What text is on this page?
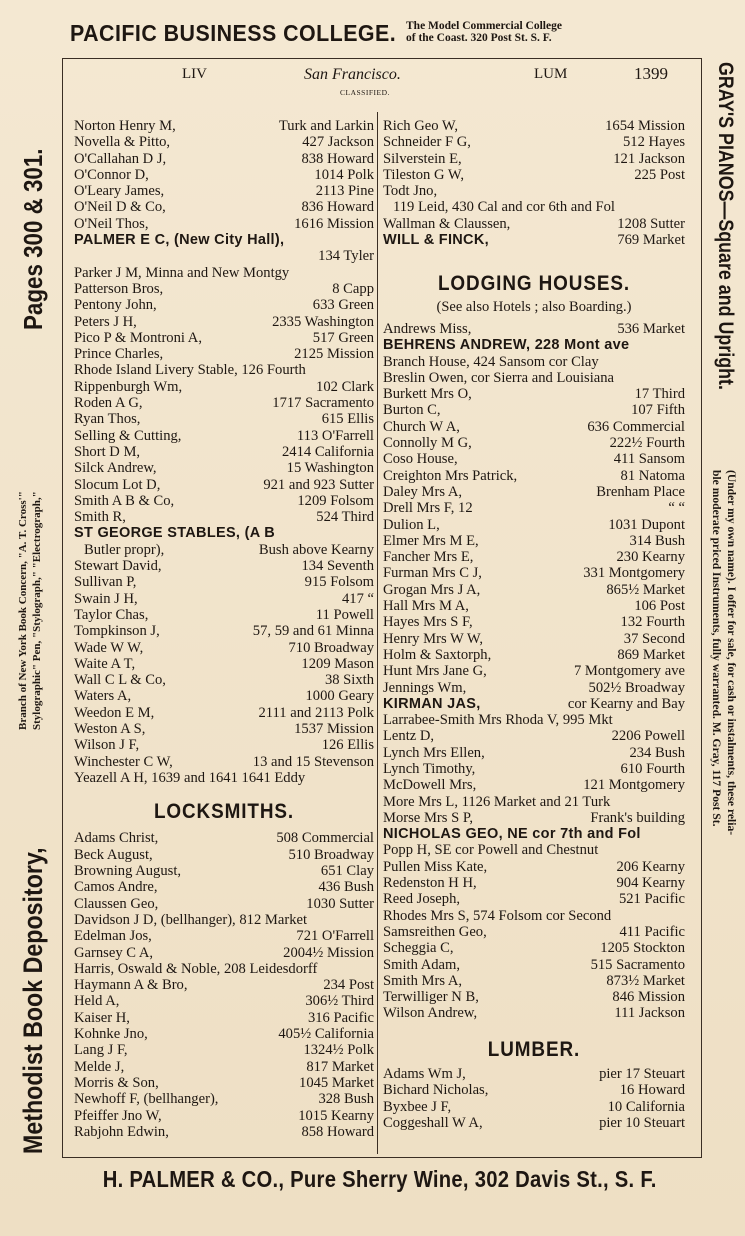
PACIFIC BUSINESS COLLEGE. The Model Commercial College
of the Coast. 320 Post St. S. F.
LIV	San Francisco.	LUM	1399
CLASSIFIED.
Norton Henry M,	Turk and Larkin
Novella & Pitto,	427 Jackson
O'Callahan D J,	838 Howard
O'Connor D,	1014 Polk
O'Leary James,	2113 Pine
O'Neil D & Co,	836 Howard
O'Neil Thos,	1616 Mission
PALMER E C, (New City Hall),
134 Tyler
Parker J M, Minna and New Montgy
Patterson Bros,	8 Capp
Pentony John,	633 Green
Peters J H,	2335 Washington
Pico P & Montroni A,	517 Green
Prince Charles,	2125 Mission
Rhode Island Livery Stable, 126 Fourth
Rippenburgh Wm,	102 Clark
Roden A G,	1717 Sacramento
Ryan Thos,	615 Ellis
Selling & Cutting,	113 O'Farrell
Short D M,	2414 California
Silck Andrew,	15 Washington
Slocum Lot D,	921 and 923 Sutter
Smith A B & Co,	1209 Folsom
Smith R,	524 Third
ST GEORGE STABLES, (A B
Butler propr),	Bush above Kearny
Stewart David,	134 Seventh
Sullivan P,	915 Folsom
Swain J H,	417 “
Taylor Chas,	11 Powell
Tompkinson J,	57, 59 and 61 Minna
Wade W W,	710 Broadway
Waite A T,	1209 Mason
Wall C L & Co,	38 Sixth
Waters A,	1000 Geary
Weedon E M,	2111 and 2113 Polk
Weston A S,	1537 Mission
Wilson J F,	126 Ellis
Winchester C W,	13 and 15 Stevenson
Yeazell A H, 1639 and 1641 1641 Eddy
LOCKSMITHS.
Adams Christ,	508 Commercial
Beck August,	510 Broadway
Browning August,	651 Clay
Camos Andre,	436 Bush
Claussen Geo,	1030 Sutter
Davidson J D, (bellhanger), 812 Market
Edelman Jos,	721 O'Farrell
Garnsey C A,	2004½ Mission
Harris, Oswald & Noble, 208 Leidesdorff
Haymann A & Bro,	234 Post
Held A,	306½ Third
Kaiser H,	316 Pacific
Kohnke Jno,	405½ California
Lang J F,	1324½ Polk
Melde J,	817 Market
Morris & Son,	1045 Market
Newhoff F, (bellhanger),	328 Bush
Pfeiffer Jno W,	1015 Kearny
Rabjohn Edwin,	858 Howard
Rich Geo W,	1654 Mission
Schneider F G,	512 Hayes
Silverstein E,	121 Jackson
Tileston G W,	225 Post
Todt Jno,
119 Leid, 430 Cal and cor 6th and Fol
Wallman & Claussen,	1208 Sutter
WILL & FINCK,	769 Market
LODGING HOUSES.
(See also Hotels ; also Boarding.)
Andrews Miss,	536 Market
BEHRENS ANDREW, 228 Mont ave
Branch House, 424 Sansom cor Clay
Breslin Owen, cor Sierra and Louisiana
Burkett Mrs O,	17 Third
Burton C,	107 Fifth
Church W A,	636 Commercial
Connolly M G,	222½ Fourth
Coso House,	411 Sansom
Creighton Mrs Patrick,	81 Natoma
Daley Mrs A,	Brenham Place
Drell Mrs F, 12	“ “
Dulion L,	1031 Dupont
Elmer Mrs M E,	314 Bush
Fancher Mrs E,	230 Kearny
Furman Mrs C J,	331 Montgomery
Grogan Mrs J A,	865½ Market
Hall Mrs M A,	106 Post
Hayes Mrs S F,	132 Fourth
Henry Mrs W W,	37 Second
Holm & Saxtorph,	869 Market
Hunt Mrs Jane G,	7 Montgomery ave
Jennings Wm,	502½ Broadway
KIRMAN JAS,	cor Kearny and Bay
Larrabee-Smith Mrs Rhoda V, 995 Mkt
Lentz D,	2206 Powell
Lynch Mrs Ellen,	234 Bush
Lynch Timothy,	610 Fourth
McDowell Mrs,	121 Montgomery
More Mrs L, 1126 Market and 21 Turk
Morse Mrs S P,	Frank's building
NICHOLAS GEO, NE cor 7th and Fol
Popp H, SE cor Powell and Chestnut
Pullen Miss Kate,	206 Kearny
Redenston H H,	904 Kearny
Reed Joseph,	521 Pacific
Rhodes Mrs S, 574 Folsom cor Second
Samsreithen Geo,	411 Pacific
Scheggia C,	1205 Stockton
Smith Adam,	515 Sacramento
Smith Mrs A,	873½ Market
Terwilliger N B,	846 Mission
Wilson Andrew,	111 Jackson
LUMBER.
Adams Wm J,	pier 17 Steuart
Bichard Nicholas,	16 Howard
Byxbee J F,	10 California
Coggeshall W A,	pier 10 Steuart
Methodist Book Depository,
Branch of New York Book Concern, "A. T. Cross'" Stylographic" Pen, "Stylograph," "Electrograph,"
Pages 300 & 301.	GRAY'S PIANOS—Square and Upright.
(Under my own name). I offer for sale, for cash or instalments, these relia-
ble moderate priced Instruments, fully warranted. M. Gray, 117 Post St.
H. PALMER & CO., Pure Sherry Wine, 302 Davis St., S. F.
